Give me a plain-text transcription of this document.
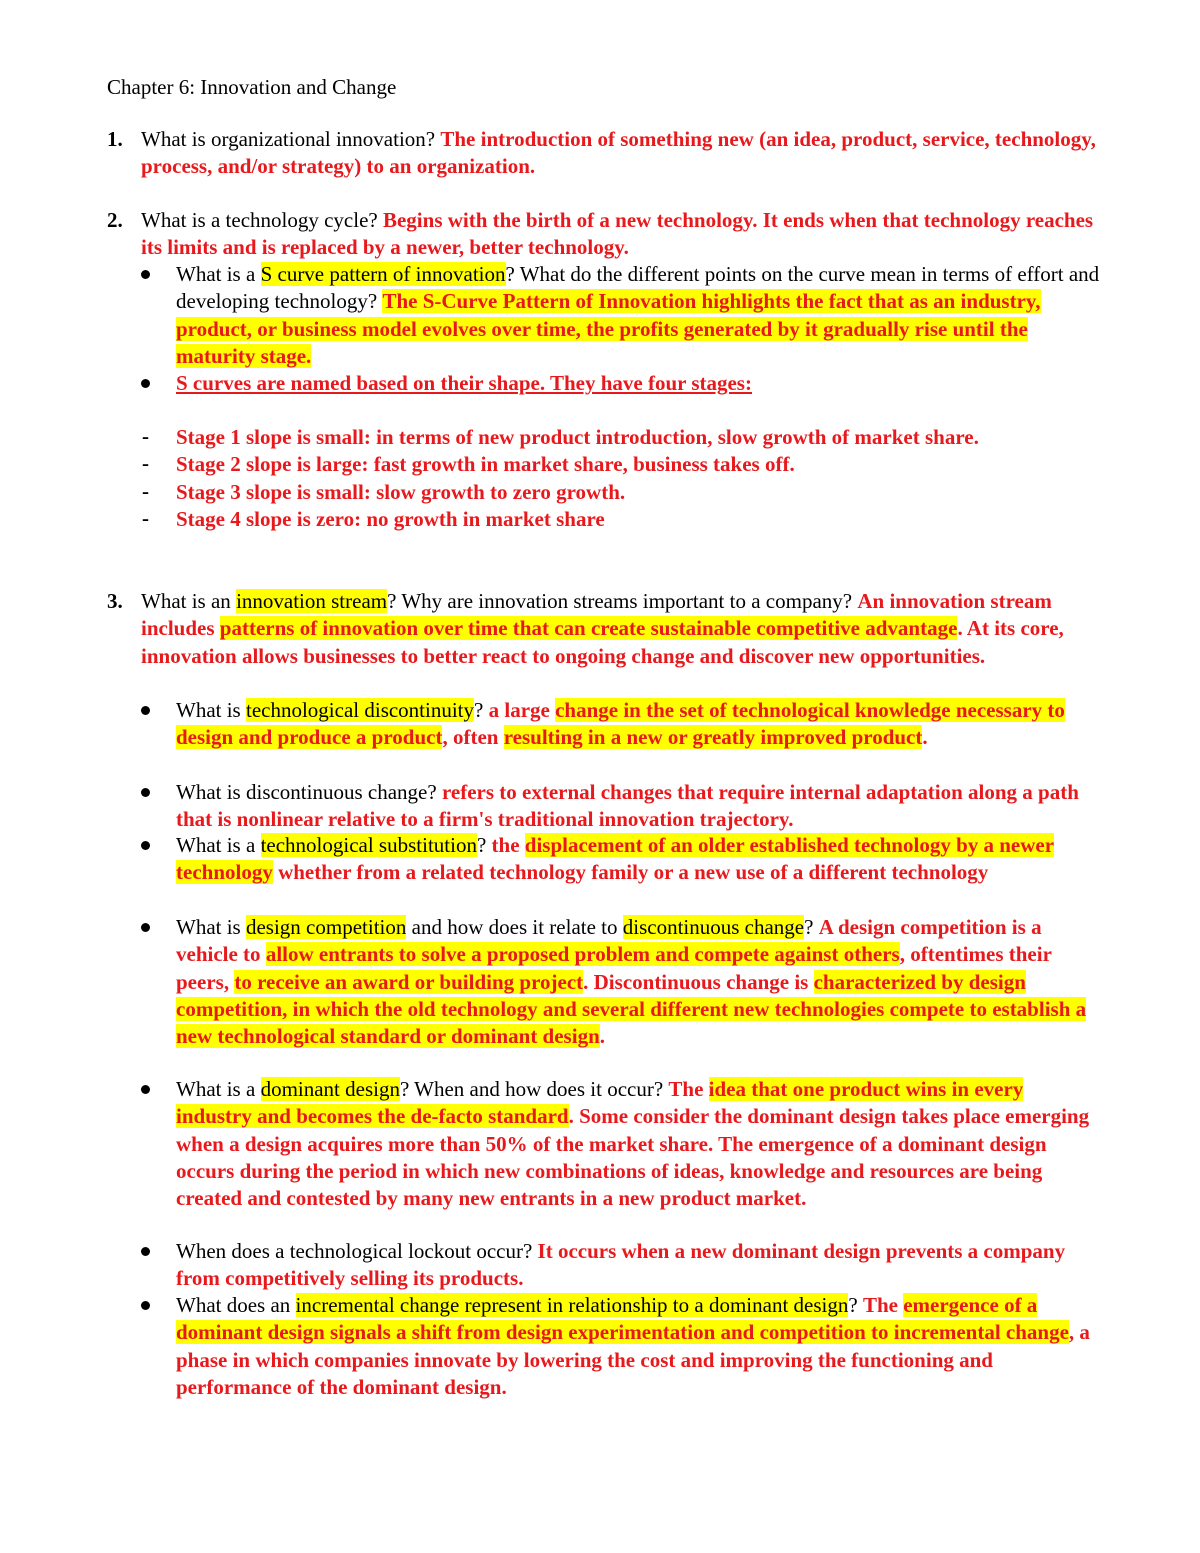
Chapter 6: Innovation and Change
1. What is organizational innovation? The introduction of something new (an idea, product, service, technology, process, and/or strategy) to an organization.
2. What is a technology cycle? Begins with the birth of a new technology. It ends when that technology reaches its limits and is replaced by a newer, better technology.
What is a S curve pattern of innovation? What do the different points on the curve mean in terms of effort and developing technology? The S-Curve Pattern of Innovation highlights the fact that as an industry, product, or business model evolves over time, the profits generated by it gradually rise until the maturity stage.
S curves are named based on their shape. They have four stages:
- Stage 1 slope is small: in terms of new product introduction, slow growth of market share.
- Stage 2 slope is large: fast growth in market share, business takes off.
- Stage 3 slope is small: slow growth to zero growth.
- Stage 4 slope is zero: no growth in market share
3. What is an innovation stream? Why are innovation streams important to a company? An innovation stream includes patterns of innovation over time that can create sustainable competitive advantage. At its core, innovation allows businesses to better react to ongoing change and discover new opportunities.
What is technological discontinuity? a large change in the set of technological knowledge necessary to design and produce a product, often resulting in a new or greatly improved product.
What is discontinuous change? refers to external changes that require internal adaptation along a path that is nonlinear relative to a firm's traditional innovation trajectory.
What is a technological substitution? the displacement of an older established technology by a newer technology whether from a related technology family or a new use of a different technology
What is design competition and how does it relate to discontinuous change? A design competition is a vehicle to allow entrants to solve a proposed problem and compete against others, oftentimes their peers, to receive an award or building project. Discontinuous change is characterized by design competition, in which the old technology and several different new technologies compete to establish a new technological standard or dominant design.
What is a dominant design? When and how does it occur? The idea that one product wins in every industry and becomes the de-facto standard. Some consider the dominant design takes place emerging when a design acquires more than 50% of the market share. The emergence of a dominant design occurs during the period in which new combinations of ideas, knowledge and resources are being created and contested by many new entrants in a new product market.
When does a technological lockout occur? It occurs when a new dominant design prevents a company from competitively selling its products.
What does an incremental change represent in relationship to a dominant design? The emergence of a dominant design signals a shift from design experimentation and competition to incremental change, a phase in which companies innovate by lowering the cost and improving the functioning and performance of the dominant design.
